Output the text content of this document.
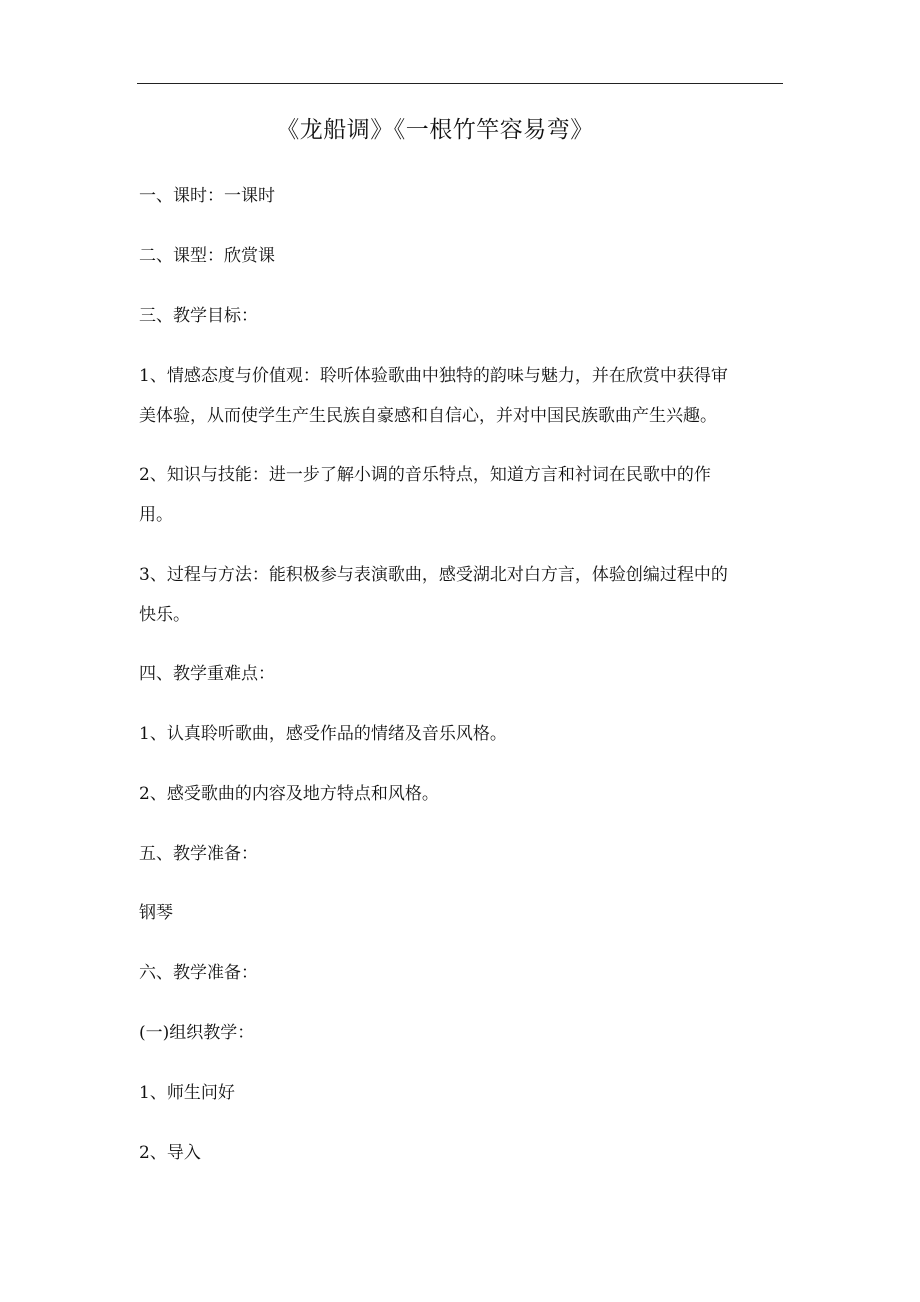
《龙船调》《一根竹竿容易弯》
一、课时：一课时
二、课型：欣赏课
三、教学目标：
1、情感态度与价值观：聆听体验歌曲中独特的韵味与魅力，并在欣赏中获得审
美体验，从而使学生产生民族自豪感和自信心，并对中国民族歌曲产生兴趣。
2、知识与技能：进一步了解小调的音乐特点，知道方言和衬词在民歌中的作
用。
3、过程与方法：能积极参与表演歌曲，感受湖北对白方言，体验创编过程中的
快乐。
四、教学重难点：
1、认真聆听歌曲，感受作品的情绪及音乐风格。
2、感受歌曲的内容及地方特点和风格。
五、教学准备：
钢琴
六、教学准备：
(一)组织教学：
1、师生问好
2、导入
